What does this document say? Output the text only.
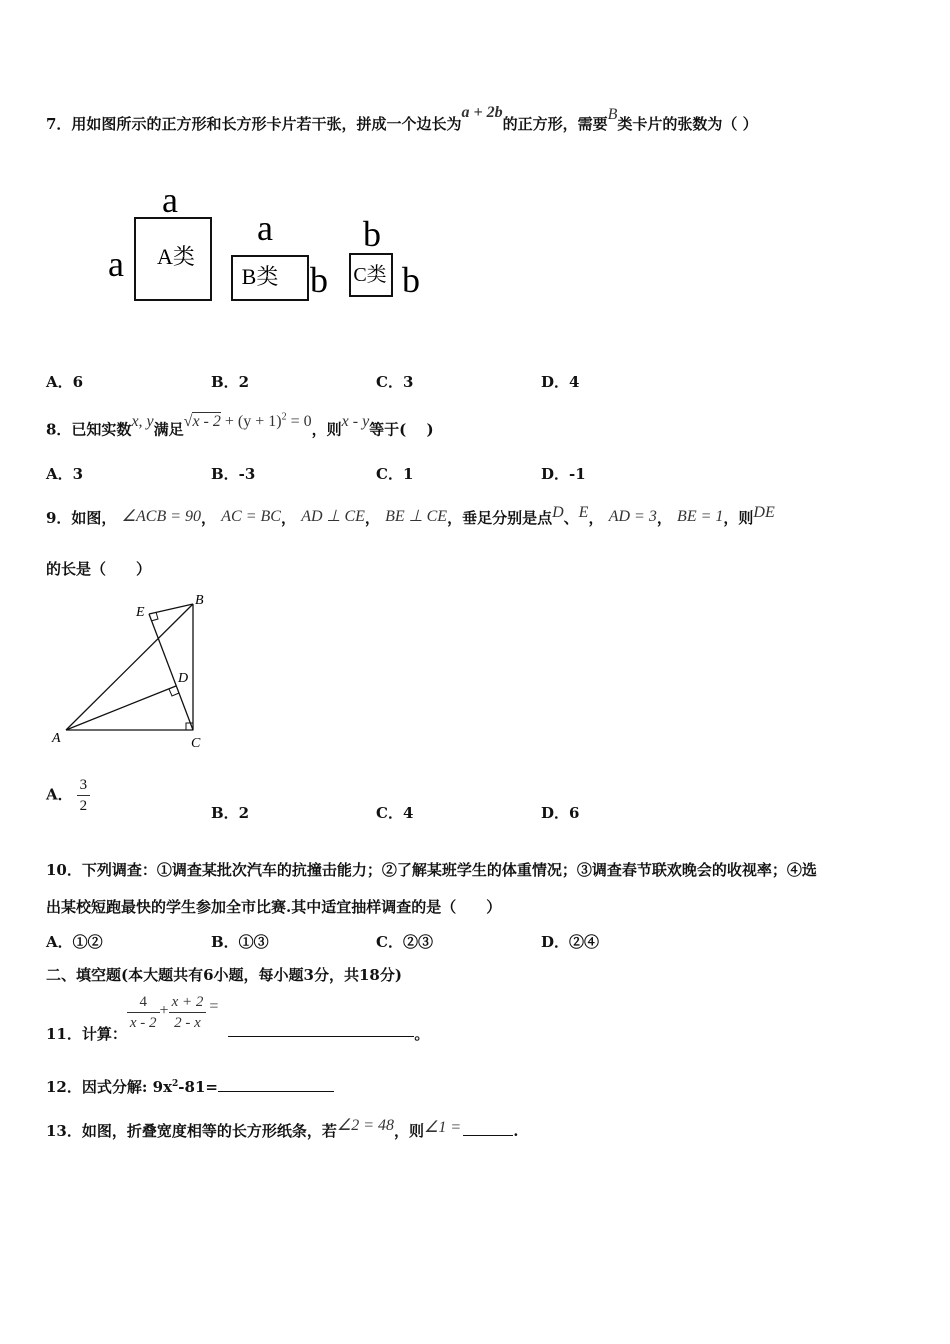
7．用如图所示的正方形和长方形卡片若干张，拼成一个边长为a + 2b的正方形，需要B类卡片的张数为（ ）
a
a A类
a
B类 b
b
C类 b
A．6	B．2	C．3	D．4
8．已知实数x, y满足$√x - 2 + (y + 1)^2 = 0$，则x - y等于(　 )
A．3	B．-3	C．1	D．-1
9．如图， ∠ACB = 90， AC = BC， AD ⊥ CE， BE ⊥ CE，垂足分别是点D、E， AD = 3， BE = 1，则DE
的长是（　　）
A
B
C
D
E
A． $\frac{3}{2}$	B．2	C．4	D．6
10．下列调查：①调查某批次汽车的抗撞击能力；②了解某班学生的体重情况；③调查春节联欢晚会的收视率；④选
出某校短跑最快的学生参加全市比赛.其中适宜抽样调查的是（　　）
A．①②	B．①③	C．②③	D．②④
二、填空题(本大题共有6小题，每小题3分，共18分)
11．计算：
$\frac{4}{x - 2} + \frac{x + 2}{2 - x}$ =。
12．因式分解: $9x^2-81=$
13．如图，折叠宽度相等的长方形纸条，若∠2 = 48，则∠1 =	.
